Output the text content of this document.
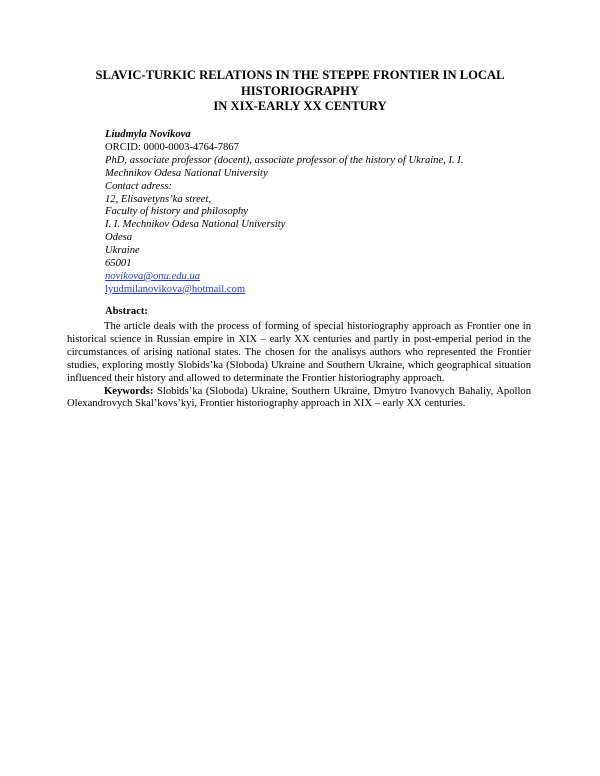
SLAVIC-TURKIC RELATIONS IN THE STEPPE FRONTIER IN LOCAL
HISTORIOGRAPHY
IN XIX-EARLY XX CENTURY
Liudmyla Novikova
ORCID: 0000-0003-4764-7867
PhD, associate professor (docent), associate professor of the history of Ukraine, I. I.
Mechnikov Odesa National University
Contact adress:
12, Elisavetyns’ka street,
Faculty of history and philosophy
I. I. Mechnikov Odesa National University
Odesa
Ukraine
65001
novikova@onu.edu.ua
lyudmilanovikova@hotmail.com
Abstract:

The article deals with the process of forming of special historiography approach as Frontier one in historical science in Russian empire in XIX – early XX centuries and partly in post-emperial period in the circumstances of arising national states. The chosen for the analisys authors who represented the Frontier studies, exploring mostly Slobids’ka (Sloboda) Ukraine and Southern Ukraine, which geographical situation influenced their history and allowed to determinate the Frontier historiography approach.

Keywords: Slobids’ka (Sloboda) Ukraine, Southern Ukraine, Dmytro Ivanovych Bahaliy, Apollon Olexandrovych Skal’kovs’kyi, Frontier historiography approach in XIX – early XX centuries.
